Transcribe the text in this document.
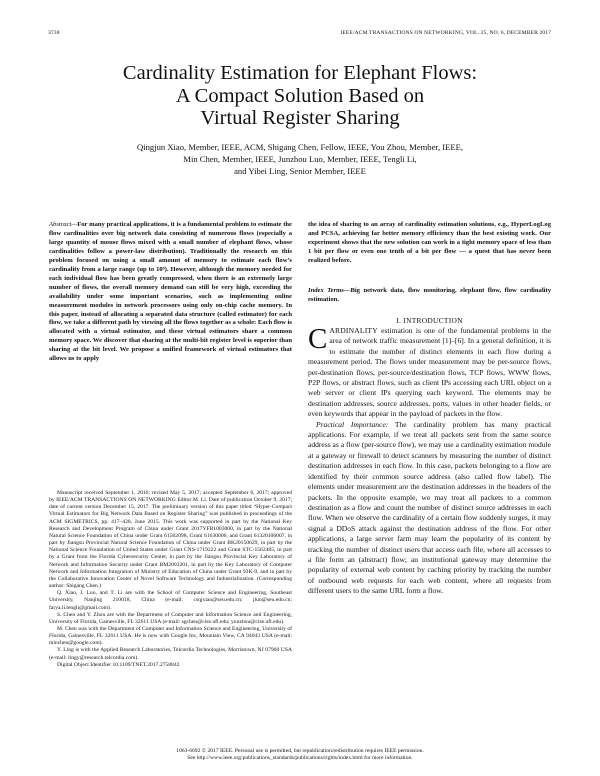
3738	IEEE/ACM TRANSACTIONS ON NETWORKING, VOL. 25, NO. 6, DECEMBER 2017
Cardinality Estimation for Elephant Flows:
A Compact Solution Based on
Virtual Register Sharing
Qingjun Xiao, Member, IEEE, ACM, Shigang Chen, Fellow, IEEE, You Zhou, Member, IEEE,
Min Chen, Member, IEEE, Junzhou Luo, Member, IEEE, Tengli Li,
and Yibei Ling, Senior Member, IEEE
Abstract—For many practical applications, it is a fundamental problem to estimate the flow cardinalities over big network data consisting of numerous flows (especially a large quantity of mouse flows mixed with a small number of elephant flows, whose cardinalities follow a power-law distribution). Traditionally the research on this problem focused on using a small amount of memory to estimate each flow’s cardinality from a large range (up to 10⁹). However, although the memory needed for each individual flow has been greatly compressed, when there is an extremely large number of flows, the overall memory demand can still be very high, exceeding the availability under some important scenarios, such as implementing online measurement modules in network processors using only on-chip cache memory. In this paper, instead of allocating a separated data structure (called estimator) for each flow, we take a different path by viewing all the flows together as a whole: Each flow is allocated with a virtual estimator, and these virtual estimators share a common memory space. We discover that sharing at the multi-bit register level is superior than sharing at the bit level. We propose a unified framework of virtual estimators that allows us to apply

Manuscript received September 1, 2016; revised May 5, 2017; accepted September 6, 2017; approved by IEEE/ACM TRANSACTIONS ON NETWORKING Editor M. Li. Date of publication October 9, 2017; date of current version December 15, 2017. The preliminary version of this paper titled “Hyper-Compact Virtual Estimators for Big Network Data Based on Register Sharing” was published in proceedings of the ACM SIGMETRICS, pp. 417–428, June 2015. This work was supported in part by the National Key Research and Development Program of China under Grant 2017YFB1003000, in part by the National Natural Science Foundation of China under Grant 61502098, Grant 61630006, and Grant 61320106007, in part by Jiangsu Provincial Natural Science Foundation of China under Grant BK20150629, in part by the National Science Foundation of United States under Grant CNS-1719222 and Grant STC-1562485, in part by a Grant from the Florida Cybersecurity Center, in part by the Jiangsu Provincial Key Laboratory of Network and Information Security under Grant BM2003201, in part by the Key Laboratory of Computer Network and Information Integration of Ministry of Education of China under Grant 93K-9, and in part by the Collaborative Innovation Center of Novel Software Technology and Industrialization. (Corresponding author: Shigang Chen.)

Q. Xiao, J. Luo, and T. Li are with the School of Computer Science and Engineering, Southeast University, Nanjing 210018, China (e-mail: csqjxiao@seu.edu.cn; jluo@seu.edu.cn; farya.li.tengli@gmail.com).

S. Chen and Y. Zhou are with the Department of Computer and Information Science and Engineering, University of Florida, Gainesville, FL 32611 USA (e-mail: sgchen@cise.ufl.edu; youzhou@cise.ufl.edu).

M. Chen was with the Department of Computer and Information Science and Engineering, University of Florida, Gainesville, FL 32611 USA. He is now with Google Inc, Mountain View, CA 94043 USA (e-mail: minchen@google.com).

Y. Ling is with the Applied Research Laboratories, Telcordia Technologies, Morristown, NJ 07960 USA (e-mail: lingy@research.telcordia.com).

Digital Object Identifier 10.1109/TNET.2017.2758842

the idea of sharing to an array of cardinality estimation solutions, e.g., HyperLogLog and PCSA, achieving far better memory efficiency than the best existing work. Our experiment shows that the new solution can work in a tight memory space of less than 1 bit per flow or even one tenth of a bit per flow — a quest that has never been realized before.
Index Terms—Big network data, flow monitoring, elephant flow, flow cardinality estimation.
I. INTRODUCTION

CARDINALITY estimation is one of the fundamental problems in the area of network traffic measurement [1]–[6]. In a general definition, it is to estimate the number of distinct elements in each flow during a measurement period. The flows under measurement may be per-source flows, per-destination flows, per-source/destination flows, TCP flows, WWW flows, P2P flows, or abstract flows, such as client IPs accessing each URL object on a web server or client IPs querying each keyword. The elements may be destination addresses, source addresses, ports, values in other header fields, or even keywords that appear in the payload of packets in the flow.

Practical Importance: The cardinality problem has many practical applications. For example, if we treat all packets sent from the same source address as a flow (per-source flow), we may use a cardinality estimation module at a gateway or firewall to detect scanners by measuring the number of distinct destination addresses in each flow. In this case, packets belonging to a flow are identified by their common source address (also called flow label). The elements under measurement are the destination addresses in the headers of the packets. In the opposite example, we may treat all packets to a common destination as a flow and count the number of distinct source addresses in each flow. When we observe the cardinality of a certain flow suddenly surges, it may signal a DDoS attack against the destination address of the flow. For other applications, a large server farm may learn the popularity of its content by tracking the number of distinct users that access each file, where all accesses to a file form an (abstract) flow; an institutional gateway may determine the popularity of external web content by caching priority by tracking the number of outbound web requests for each web content, where all requests from different users to the same URL form a flow.

1063-6692 © 2017 IEEE. Personal use is permitted, but republication/redistribution requires IEEE permission.
See http://www.ieee.org/publications_standards/publications/rights/index.html for more information.
